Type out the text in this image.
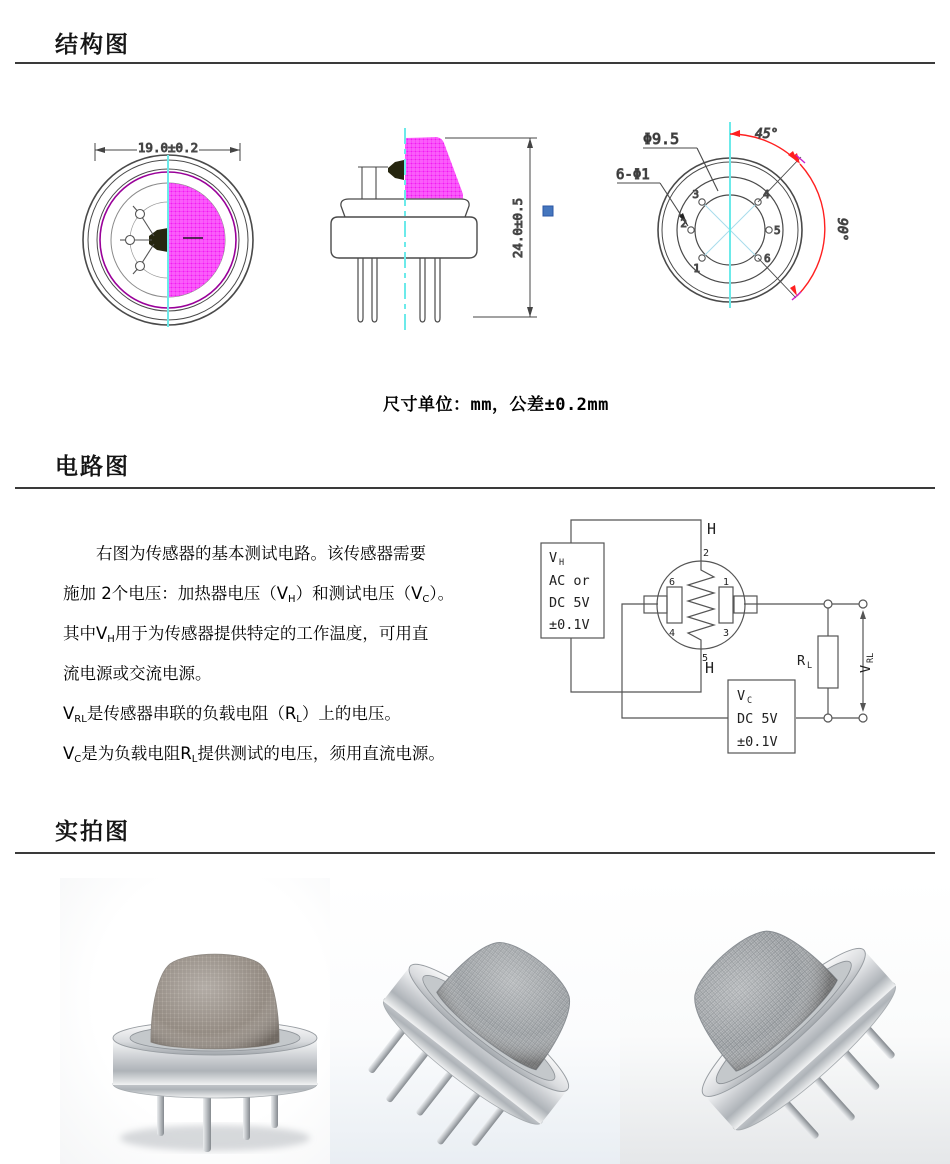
结构图
19.0±0.2
24.0±0.5
Φ9.5
6-Φ1
45°
90°
3	4
2
5
1
6
尺寸单位：mm，公差±0.2mm
电路图
　　右图为传感器的基本测试电路。该传感器需要
施加 2个电压：加热器电压$(V_H)$和测试电压$(V_C)$。
其中$V_H$用于为传感器提供特定的工作温度，可用直
流电源或交流电源。
$V_{RL}$是传感器串联的负载电阻$(R_L)$上的电压。
$V_C$是为负载电阻$R_L$提供测试的电压，须用直流电源。
V H
AC or
DC 5V
±0.1V
V C
DC 5V
±0.1V
H
H
2
5
6	1
4	3
R L	V
RL
实拍图
